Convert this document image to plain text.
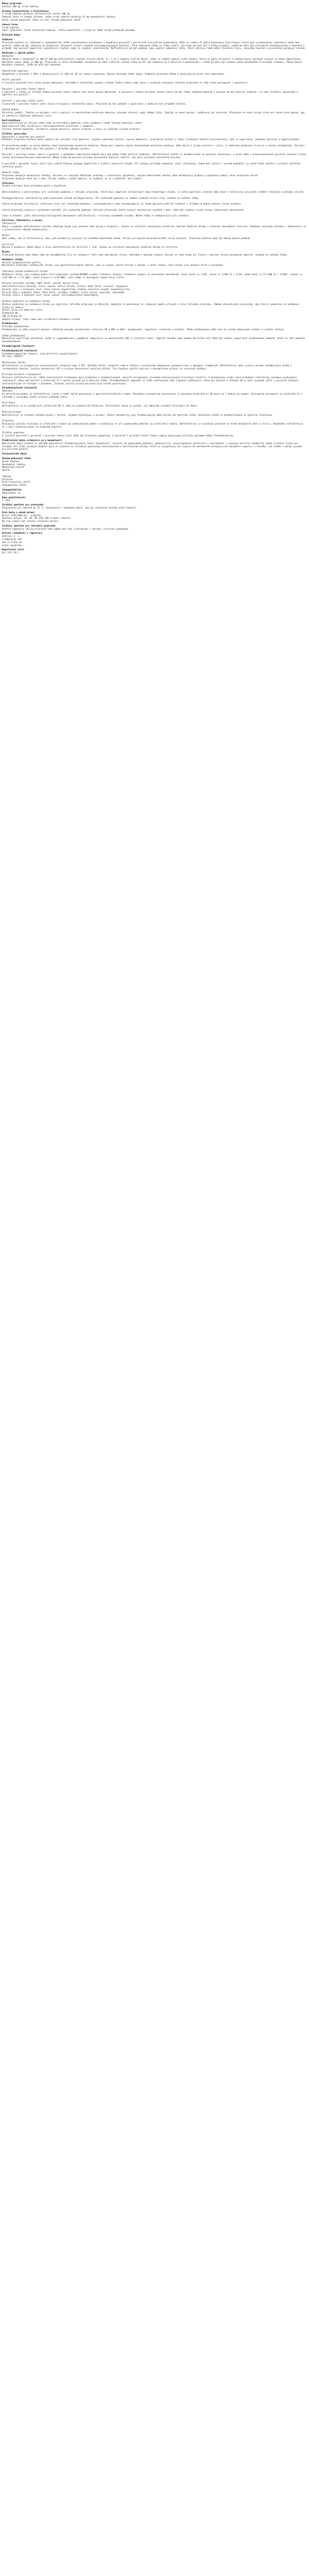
Název přípravku
Enelbin 100 mg tvrdé tobolky
Složení kvantitativní i kvalitativní
1 tvrdá tobolka obsahuje naftidrofuryl-oxalát 100 mg.
Pomocné látky se známým účinkem: jedna tvrdá tobolka obsahuje 41 mg monohydrátu laktózy.
Úplný seznam pomocných látek viz bod "Seznam pomocných látek".
Léková forma
Tvrdá tobolka
Popis přípravku: Tvrdé želatinové tobolky, světle modré/bílé, s bílým až téměř bílým práškovým obsahem.
Klinické údaje
Indikace
Přípravek Enelbin je indikován k symptomatické léčbě intermitentní klaudikace u dospělých pacientů s periferním arteriálním onemocněním (PAO) ve stadiu II podle Fontainovy klasifikace, které mají prodlouženou vzdálenost chůze bez bolesti. Léčba má být zahájena po zhodnocení účinnosti jiných, zejména nefarmakologických opatření. Před zahájením léčby je třeba zvážit, zda bude pacient mít z léčby prospěch. Léčba by měla být pravidelně přehodnocována a ukončena v případě, kdy pacient nepociťuje subjektivní zlepšení nebo je zlepšení nedostatečné. Naftidrofuryl má být podáván jako součást komplexní léčby, která zahrnuje také změnu životního stylu, zanechání kouření a pravidelný pohybový trénink.
Dávkování a způsob podání
Dávkování
Obvyklá dávka u dospělých je 100 až 200 mg naftidrofuryl-oxalátu třikrát denně, tj. 1 až 2 tobolky třikrát denně. Léčbu je vhodné zahájit nižší dávkou, která se podle účinnosti a snášenlivosti postupně zvyšuje na dávku doporučenou. Maximální denní dávka je 600 mg. Přípravek se užívá dlouhodobě, minimálně po dobu 3 měsíců; účinek léčby by měl být hodnocen po 3 měsících a pokračování v léčbě by mělo být zváženo podle dosaženého klinického zlepšení. Pokud nebylo dosaženo zlepšení, léčba by měla být ukončena.

Pediatrická populace
Bezpečnost a účinnost u dětí a dospívajících ve věku do 18 let nebyla stanovena. Nejsou dostupné žádné údaje. Podávání přípravku dětem a dospívajícím proto není doporučeno.

Starší pacienti
U starších pacientů není nutná úprava dávkování. Vzhledem k častějšímu výskytu snížené funkce ledvin nebo jater a současně užívaných léčivých přípravků je však třeba postupovat s opatrností.

Pacienti s poruchou funkce ledvin
U pacientů s lehkou až středně těžkou poruchou funkce ledvin není nutná úprava dávkování. U pacientů s těžkou poruchou funkce ledvin má být léčba zahájena opatrně a pacient má být pečlivě sledován, viz bod "Zvláštní upozornění a opatření pro použití".

Pacienti s poruchou funkce jater
U pacientů s poruchou funkce jater nejsou k dispozici dostatečné údaje. Přípravek má být podáván s opatrností a dávka má být případně snížena.

Způsob podání
Perorální podání. Tobolky se polykají celé a zapíjejí se dostatečným množstvím tekutiny (alespoň sklenicí vody) během jídla. Tobolky se nesmí kousat, rozdělovat ani otevírat. Přípravek se nesmí užívat vleže ani těsně před spaním, aby se zabránilo lokálnímu poškození jícnu.
Kontraindikace
Hypersenzitivita na léčivou látku nebo na kteroukoli pomocnou látku uvedenou v bodě "Seznam pomocných látek".
Hyperoxalurie nebo recidivující kalciumoxalátová urolitiáza v anamnéze.
Čerstvý infarkt myokardu, nestabilní angina pectoris, akutní krvácení a stavy se zvýšeným rizikem krvácení.
Zvláštní upozornění
Upozornění a opatření pro použití
Podávání přípravku Enelbin nesmí oddálit ani nahradit jiná opatření, zejména zanechání kouření, úpravu hmotnosti, pravidelné cvičení a léčbu rizikových faktorů aterosklerózy, jako je hypertenze, diabetes mellitus a hyperlipidemie.

Po perorálním podání je nutné tobolky zapít dostatečným množstvím tekutiny. Pokud není tobolka zapita dostatečným množstvím tekutiny, může dojít k jejímu uvíznutí v jícnu, k lokálnímu poškození sliznice a vzniku ezofagitidy. Pacienti s obtížemi při polykání mají být poučeni o správném způsobu užívání.

Pacienti s poruchou funkce ledvin a pacienti s anamnézou ledvinových kamenů mají být během léčby pečlivě sledováni. Naftidrofuryl-oxalát je metabolizován na kyselinu šťavelovou, a proto může u predisponovaných pacientů zvyšovat riziko tvorby kalciumoxalátových konkrementů. Během léčby má pacient přijímat dostatečné množství tekutin, aby byla zajištěna dostatečná diuréza.

U pacientů s poruchou funkce jater byly vzácně hlášeny případy hepatitidy a zvýšení jaterních enzymů. Při výskytu příznaků poškození jater (žloutenka, tmavá moč, bolest v pravém podžebří) je nutné léčbu ukončit a provést vyšetření jaterních testů.

Pomocné látky
Přípravek obsahuje monohydrát laktózy. Pacienti se vzácnými dědičnými problémy s intolerancí galaktózy, úplným nedostatkem laktázy nebo malabsorpcí glukózy a galaktózy nemají tento přípravek užívat.
Přípravek obsahuje méně než 1 mmol (23 mg) sodíku v jedné tobolce, to znamená, že je v podstatě "bez sodíku".
Interakce
Studie interakcí byly provedeny pouze u dospělých.

Beta-blokátory a antiarytmika: při současném podávání s léčivými přípravky, které mají negativní chronotropní nebo dromotropní účinek, je nutná opatrnost, protože může dojít k aditivnímu ovlivnění srdeční frekvence a převodu vzruchů.

Antihypertenziva: naftidrofuryl může potencovat účinek antihypertenziv. Při současném podávání je vhodné sledovat krevní tlak, zejména na začátku léčby.

Léčivé přípravky ovlivňující srážlivost krve: při současném podávání s antikoagulancii nebo antiagregancii je třeba pacienta pečlivě sledovat s ohledem na možné zvýšení rizika krvácení.

Léčivé přípravky zvyšující vylučování oxalátů: při současném podávání léčivých přípravků, které zvyšují koncentraci oxalátů v moči, může být zvýšeno riziko tvorby ledvinových konkrementů.

Jídlo a alkohol: jídlo neovlivňuje biologickou dostupnost naftidrofurylu v klinicky významném rozsahu. Během léčby se nedoporučuje pití alkoholu.
Fertilita, těhotenství a kojení
Těhotenství
Údaje o podávání naftidrofuryl-oxalátu těhotným ženám jsou omezené nebo nejsou k dispozici. Studie na zvířatech nenaznačují přímé ani nepřímé škodlivé účinky z hlediska reprodukční toxicity. Podávání přípravku Enelbin v těhotenství se z preventivních důvodů nedoporučuje.

Kojení
Není známo, zda se naftidrofuryl nebo jeho metabolity vylučují do lidského mateřského mléka. Riziko pro kojené novorozence/děti nelze vyloučit. Přípravek Enelbin nemá být během kojení podáván.

Fertilita
Nejsou k dispozici žádné údaje o vlivu naftidrofurylu na fertilitu u lidí. Studie na zvířatech neprokázaly škodlivé účinky na fertilitu.
Řízení
Přípravek Enelbin nemá žádný nebo má zanedbatelný vliv na schopnost řídit nebo obsluhovat stroje. Vzhledem k možnému výskytu závratí je však třeba při řízení a obsluze strojů postupovat opatrně, zejména na začátku léčby.
Nežádoucí účinky
Shrnutí bezpečnostního profilu
Nejčastěji hlášenými nežádoucími účinky jsou gastrointestinální obtíže, jako je nauzea, bolest břicha a průjem, a kožní reakce. Tyto účinky jsou obvykle mírné a přechodné.

Tabulkový seznam nežádoucích účinků
Nežádoucí účinky jsou uvedeny podle tříd orgánových systémů MedDRA a podle frekvence výskytu. Frekvence výskytu je definována následovně: velmi časté (≥ 1/10), časté (≥ 1/100 až < 1/10), méně časté (≥ 1/1 000 až < 1/100), vzácné (≥ 1/10 000 až < 1/1 000), velmi vzácné (< 1/10 000), není známo (z dostupných údajů nelze určit).

Poruchy nervového systému: méně časté: závrať, bolest hlavy.
Gastrointestinální poruchy: časté: nauzea, bolest břicha, průjem; méně časté: zvracení, dyspepsie.
Poruchy jater a žlučových cest: velmi vzácné: hepatitida, zvýšení jaterních enzymů, hepatotoxicita.
Poruchy kůže a podkožní tkáně: méně časté: vyrážka, svědění; velmi vzácné: kopřivka, angioedém.
Poruchy ledvin a močových cest: velmi vzácné: kalciumoxalátové konkrementy.

Hlášení podezření na nežádoucí účinky
Hlášení podezření na nežádoucí účinky po registraci léčivého přípravku je důležité. Umožňuje to pokračovat ve sledování poměru přínosů a rizik léčivého přípravku. Žádáme zdravotnické pracovníky, aby hlásili podezření na nežádoucí účinky na adresu:
Státní ústav pro kontrolu léčiv
Šrobárova 48
100 41 Praha 10
webové stránky: http://www.sukl.cz/nahlasit-nezadouci-ucinek
Předávkování
Příznaky předávkování
Předávkování se může projevit depresí srdečního převodu (prodloužení intervalu PR a QRS na EKG), bradykardií, hypotenzí, arytmiemi a křečemi. Těžké předávkování může vést ke vzniku komorových arytmií a srdeční zástavy.

Léčba předávkování
Neexistuje specifické antidotum. Léčba je symptomatická a podpůrná. Doporučuje se monitorování EKG a vitálních funkcí. Výplach žaludku nebo podání aktivního uhlí může být zvážen, pokud bylo předávkování nedávné. Křeče se léčí podáním benzodiazepinů.
Farmakologické vlastnosti
Farmakodynamické vlastnosti
Farmakoterapeutická skupina: jiná periferní vazodilatancia
ATC kód: C04AX21

Mechanismus účinku
Naftidrofuryl je antagonista serotoninových receptorů typu 5-HT2. Blokáda těchto receptorů vede k inhibici serotoninem indukované vazokonstrikce a agregace trombocytů. Naftidrofuryl dále zvyšuje aerobní metabolismus buněk v ischemických tkáních, zvyšuje koncentraci ATP a snižuje koncentraci kyseliny mléčné. Tím zlepšuje využití kyslíku a energetickou bilanci ve svalových buňkách.

Klinická účinnost a bezpečnost
Účinnost naftidrofurylu při léčbě intermitentní klaudikace byla prokázána v randomizovaných, dvojitě zaslepených, placebem kontrolovaných klinických studiích. V metaanalýze studií bylo prokázáno statisticky významné prodloužení vzdálenosti chůze bez bolesti o přibližně 37 % oproti placebu po 6 měsících léčby. Pravděpodobnost odpovědi na léčbu (definované jako zlepšení vzdálenosti chůze bez bolesti o alespoň 50 %) byla významně vyšší u pacientů léčených naftidrofurylem ve srovnání s placebem. Zlepšení kvality života pacientů bylo rovněž pozorováno.
Farmakokinetické vlastnosti
Absorpce
Po perorálním podání je naftidrofuryl rychle a téměř úplně absorbován z gastrointestinálního traktu. Maximální plazmatické koncentrace je dosaženo přibližně za 30 minut až 1 hodinu po podání. Biologická dostupnost je přibližně 24 % vzhledem k výraznému efektu prvního průchodu játry.

Distribuce
Naftidrofuryl se ve vysoké míře (přibližně 80 %) váže na plazmatické bílkoviny. Distribuční objem je vysoký, což odpovídá rozsáhlé distribuci do tkání.

Biotransformace
Naftidrofuryl je rozsáhle metabolizován v játrech, zejména hydrolýzou a oxidací. Hlavní metabolity jsou farmakologicky méně účinné než mateřská látka. Oxalátová složka je metabolizována na kyselinu šťavelovou.

Eliminace
Biologický poločas eliminace je přibližně 1 hodina po jednorázovém podání a prodlužuje se při opakovaném podávání na přibližně 3 hodiny. Naftidrofuryl je vylučován převážně ve formě metabolitů močí a stolicí. Nezměněný naftidrofuryl se v moči vyskytuje pouze ve stopovém množství.

Zvláštní populace
U starších pacientů a pacientů s poruchou funkce jater může být eliminace zpomalena. U pacientů s poruchou funkce ledvin nebyly pozorovány klinicky významné změny farmakokinetiky.
Předklinické údaje vztahující se k bezpečnosti
Neklinické údaje získané na základě konvenčních farmakologických studií bezpečnosti, toxicity po opakovaném podávání, genotoxicity, kancerogenního potenciálu a reprodukční a vývojové toxicity neodhalily žádné zvláštní riziko pro člověka. Při velmi vysokých dávkách byly ve studiích na zvířatech pozorovány kardiotoxické a neurotoxické účinky, které se vyskytovaly při expozicích dostatečně převyšujících maximální expozici u člověka, což svědčí o malém významu pro klinické použití.
Farmaceutické údaje
Seznam pomocných látek
Obsah tobolky
Monohydrát laktózy
Magnesium-stearát
Mastek

Tobolka
Želatina
Oxid titaničitý (E171)
Indigokarmín (E132)
Inkompatibility
Neuplatňuje se.
Doba použitelnosti
3 roky
Zvláštní opatření pro uchovávání
Uchovávejte při teplotě do 25 °C. Uchovávejte v původním obalu, aby byl přípravek chráněn před vlhkostí.
Druh obalu a obsah balení
Blistr (PVC/PVDC/Al), krabička.
Velikost balení: 20, 50, 60 nebo 100 tvrdých tobolek.
Na trhu nemusí být všechny velikosti balení.
Zvláštní opatření pro likvidaci přípravku
Veškerý nepoužitý léčivý přípravek nebo odpad musí být zlikvidován v souladu s místními požadavky.
Držitel rozhodnutí o registraci
Zentiva, k. s.
U Kabelovny 130
102 37 Praha 10
Česká republika
Registrační číslo
83/ 225/ 91-C
